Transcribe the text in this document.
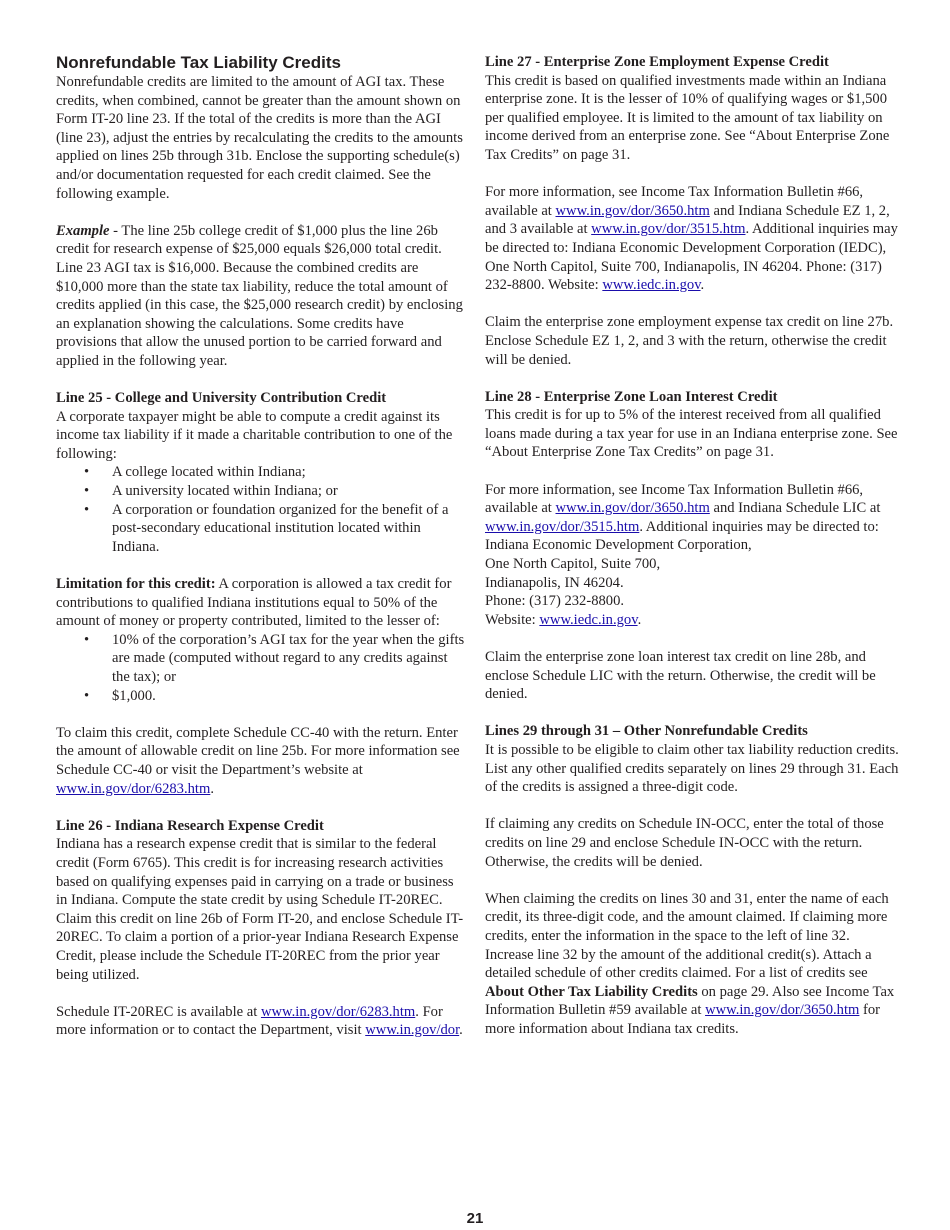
Nonrefundable Tax Liability Credits

Nonrefundable credits are limited to the amount of AGI tax. These credits, when combined, cannot be greater than the amount shown on Form IT-20 line 23. If the total of the credits is more than the AGI (line 23), adjust the entries by recalculating the credits to the amounts applied on lines 25b through 31b. Enclose the supporting schedule(s) and/or documentation requested for each credit claimed. See the following example.

Example - The line 25b college credit of $1,000 plus the line 26b credit for research expense of $25,000 equals $26,000 total credit. Line 23 AGI tax is $16,000. Because the combined credits are $10,000 more than the state tax liability, reduce the total amount of credits applied (in this case, the $25,000 research credit) by enclosing an explanation showing the calculations. Some credits have provisions that allow the unused portion to be carried forward and applied in the following year.

Line 25 - College and University Contribution Credit

A corporate taxpayer might be able to compute a credit against its income tax liability if it made a charitable contribution to one of the following:

• A college located within Indiana;
• A university located within Indiana; or
• A corporation or foundation organized for the benefit of a post-secondary educational institution located within Indiana.

Limitation for this credit: A corporation is allowed a tax credit for contributions to qualified Indiana institutions equal to 50% of the amount of money or property contributed, limited to the lesser of:

• 10% of the corporation’s AGI tax for the year when the gifts are made (computed without regard to any credits against the tax); or
• $1,000.

To claim this credit, complete Schedule CC-40 with the return. Enter the amount of allowable credit on line 25b. For more information see Schedule CC-40 or visit the Department’s website at www.in.gov/dor/6283.htm.

Line 26 - Indiana Research Expense Credit

Indiana has a research expense credit that is similar to the federal credit (Form 6765). This credit is for increasing research activities based on qualifying expenses paid in carrying on a trade or business in Indiana. Compute the state credit by using Schedule IT-20REC. Claim this credit on line 26b of Form IT-20, and enclose Schedule IT-20REC. To claim a portion of a prior-year Indiana Research Expense Credit, please include the Schedule IT-20REC from the prior year being utilized.

Schedule IT-20REC is available at www.in.gov/dor/6283.htm. For more information or to contact the Department, visit www.in.gov/dor.

Line 27 - Enterprise Zone Employment Expense Credit

This credit is based on qualified investments made within an Indiana enterprise zone. It is the lesser of 10% of qualifying wages or $1,500 per qualified employee. It is limited to the amount of tax liability on income derived from an enterprise zone. See “About Enterprise Zone Tax Credits” on page 31.

For more information, see Income Tax Information Bulletin #66, available at www.in.gov/dor/3650.htm and Indiana Schedule EZ 1, 2, and 3 available at www.in.gov/dor/3515.htm. Additional inquiries may be directed to: Indiana Economic Development Corporation (IEDC), One North Capitol, Suite 700, Indianapolis, IN 46204. Phone: (317) 232-8800. Website: www.iedc.in.gov.

Claim the enterprise zone employment expense tax credit on line 27b. Enclose Schedule EZ 1, 2, and 3 with the return, otherwise the credit will be denied.

Line 28 - Enterprise Zone Loan Interest Credit

This credit is for up to 5% of the interest received from all qualified loans made during a tax year for use in an Indiana enterprise zone. See “About Enterprise Zone Tax Credits” on page 31.

For more information, see Income Tax Information Bulletin #66, available at www.in.gov/dor/3650.htm and Indiana Schedule LIC at www.in.gov/dor/3515.htm. Additional inquiries may be directed to:

Indiana Economic Development Corporation,

One North Capitol, Suite 700,

Indianapolis, IN 46204.

Phone: (317) 232-8800.

Website: www.iedc.in.gov.

Claim the enterprise zone loan interest tax credit on line 28b, and enclose Schedule LIC with the return. Otherwise, the credit will be denied.

Lines 29 through 31 – Other Nonrefundable Credits

It is possible to be eligible to claim other tax liability reduction credits. List any other qualified credits separately on lines 29 through 31. Each of the credits is assigned a three-digit code.

If claiming any credits on Schedule IN-OCC, enter the total of those credits on line 29 and enclose Schedule IN-OCC with the return. Otherwise, the credits will be denied.

When claiming the credits on lines 30 and 31, enter the name of each credit, its three-digit code, and the amount claimed. If claiming more credits, enter the information in the space to the left of line 32. Increase line 32 by the amount of the additional credit(s). Attach a detailed schedule of other credits claimed. For a list of credits see About Other Tax Liability Credits on page 29. Also see Income Tax Information Bulletin #59 available at www.in.gov/dor/3650.htm for more information about Indiana tax credits.

21
